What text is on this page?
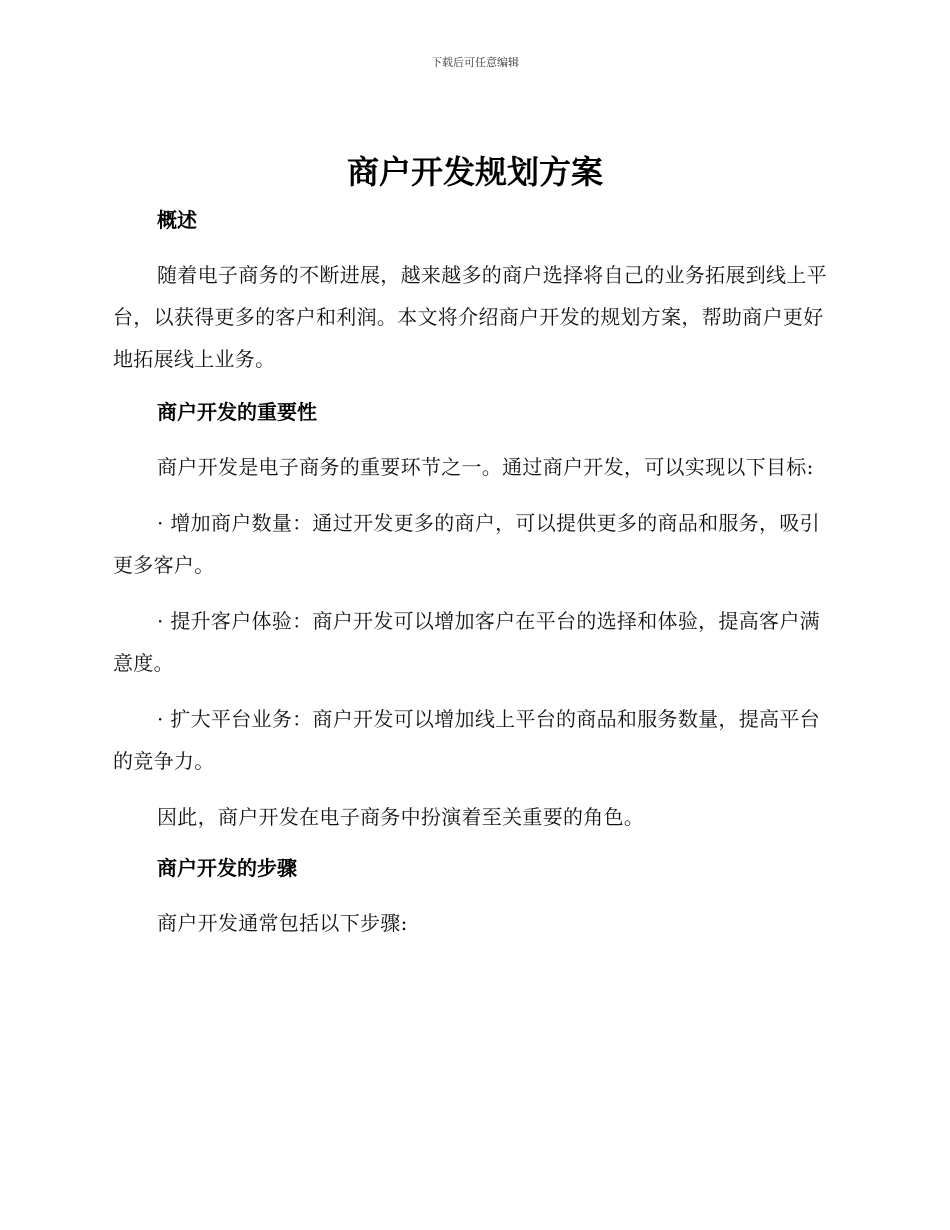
下载后可任意编辑
商户开发规划方案
概述

随着电子商务的不断进展，越来越多的商户选择将自己的业务拓展到线上平台，以获得更多的客户和利润。本文将介绍商户开发的规划方案，帮助商户更好地拓展线上业务。

商户开发的重要性

商户开发是电子商务的重要环节之一。通过商户开发，可以实现以下目标:

· 增加商户数量：通过开发更多的商户，可以提供更多的商品和服务，吸引更多客户。

· 提升客户体验：商户开发可以增加客户在平台的选择和体验，提高客户满意度。

· 扩大平台业务：商户开发可以增加线上平台的商品和服务数量，提高平台的竞争力。

因此，商户开发在电子商务中扮演着至关重要的角色。

商户开发的步骤

商户开发通常包括以下步骤:
